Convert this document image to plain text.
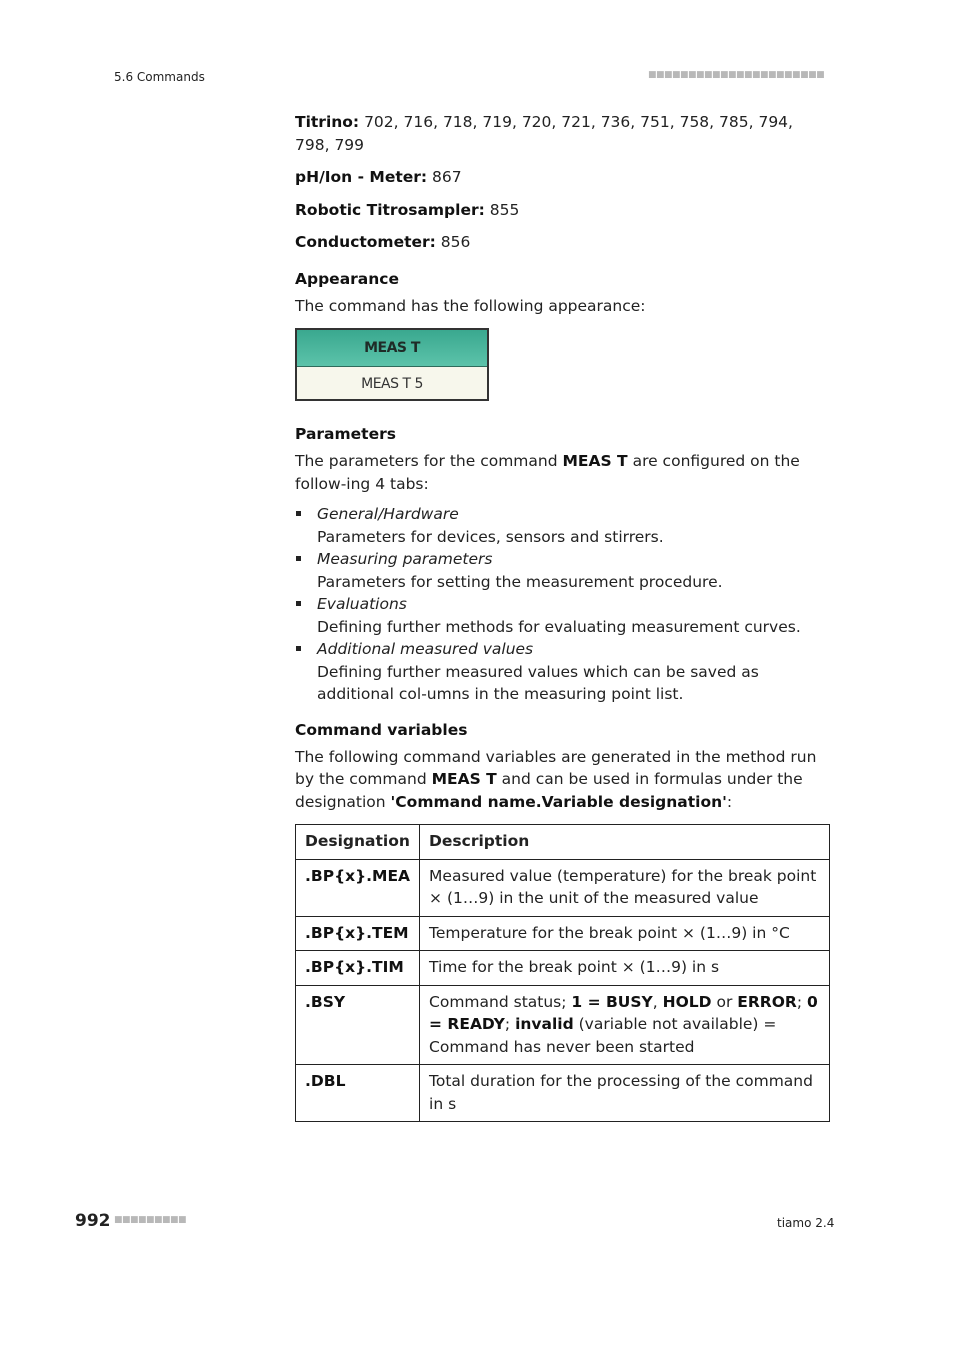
5.6 Commands	■■■■■■■■■■■■■■■■■■■■■■

Titrino: 702, 716, 718, 719, 720, 721, 736, 751, 758, 785, 794, 798, 799

pH/Ion - Meter: 867

Robotic Titrosampler: 855

Conductometer: 856

Appearance

The command has the following appearance:

MEAS T
MEAS T 5
Parameters

The parameters for the command MEAS T are configured on the follow-ing 4 tabs:

General/Hardware
Parameters for devices, sensors and stirrers.
Measuring parameters
Parameters for setting the measurement procedure.
Evaluations
Defining further methods for evaluating measurement curves.
Additional measured values
Defining further measured values which can be saved as additional col-umns in the measuring point list.
Command variables

The following command variables are generated in the method run by the command MEAS T and can be used in formulas under the designation 'Command name.Variable designation':

Designation	Description
.BP{x}.MEA	Measured value (temperature) for the break point × (1…9) in the unit of the measured value
.BP{x}.TEM	Temperature for the break point × (1…9) in °C
.BP{x}.TIM	Time for the break point × (1…9) in s
.BSY	Command status; 1 = BUSY, HOLD or ERROR; 0 = READY; invalid (variable not available) = Command has never been started
.DBL	Total duration for the processing of the command in s
992 ■■■■■■■■■	tiamo 2.4
